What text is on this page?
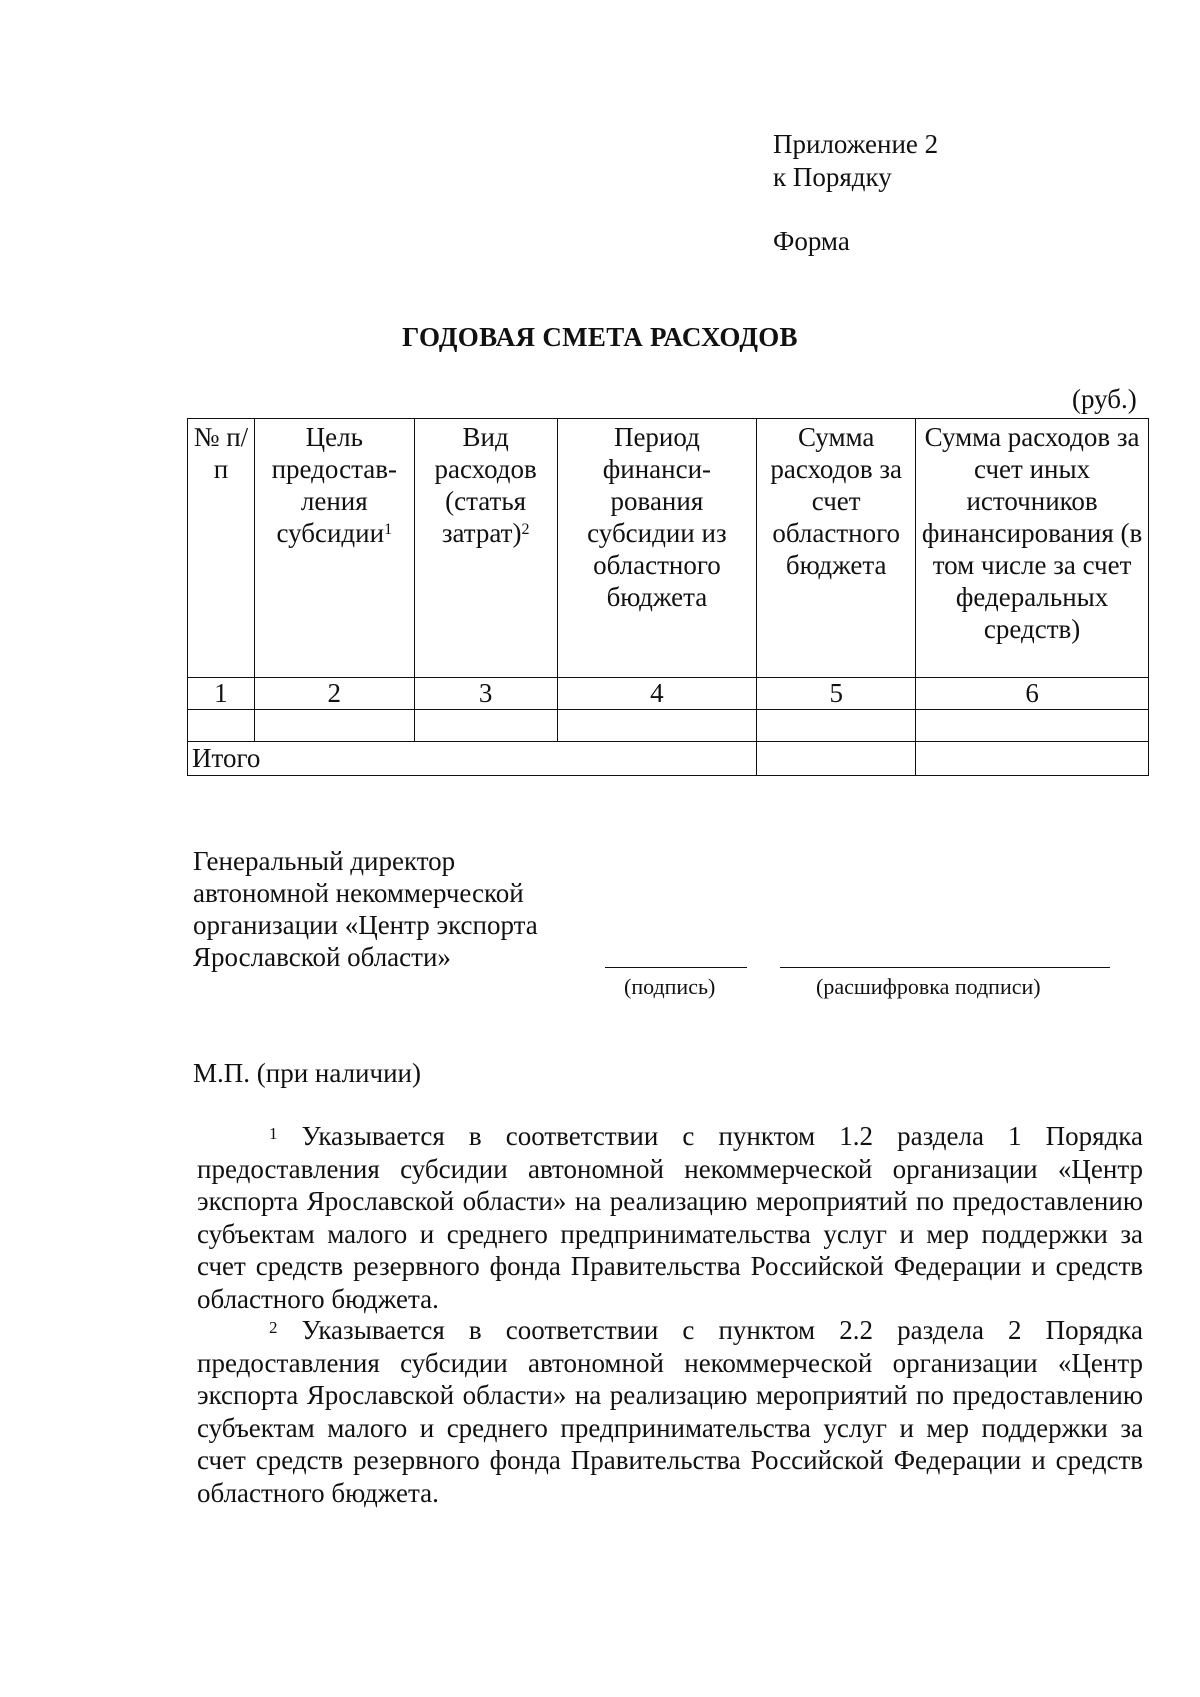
Приложение 2
к Порядку
Форма
ГОДОВАЯ СМЕТА РАСХОДОВ
(руб.)
№ п/п	Цель предостав-ления субсидии$^1$	Вид расходов (статья затрат)$^2$	Период финанси-рования субсидии из областного бюджета	Сумма расходов за счет областного бюджета	Сумма расходов за счет иных источников финансирования (в том числе за счет федеральных средств)
1	2	3	4	5	6

Итого					
Генеральный директор
автономной некоммерческой
организации «Центр экспорта
Ярославской области»
(подпись)	(расшифровка подписи)
М.П. (при наличии)
$^1$ Указывается в соответствии с пунктом 1.2 раздела 1 Порядка предоставления субсидии автономной некоммерческой организации «Центр экспорта Ярославской области» на реализацию мероприятий по предоставлению субъектам малого и среднего предпринимательства услуг и мер поддержки за счет средств резервного фонда Правительства Российской Федерации и средств областного бюджета.
$^2$ Указывается в соответствии с пунктом 2.2 раздела 2 Порядка предоставления субсидии автономной некоммерческой организации «Центр экспорта Ярославской области» на реализацию мероприятий по предоставлению субъектам малого и среднего предпринимательства услуг и мер поддержки за счет средств резервного фонда Правительства Российской Федерации и средств областного бюджета.
